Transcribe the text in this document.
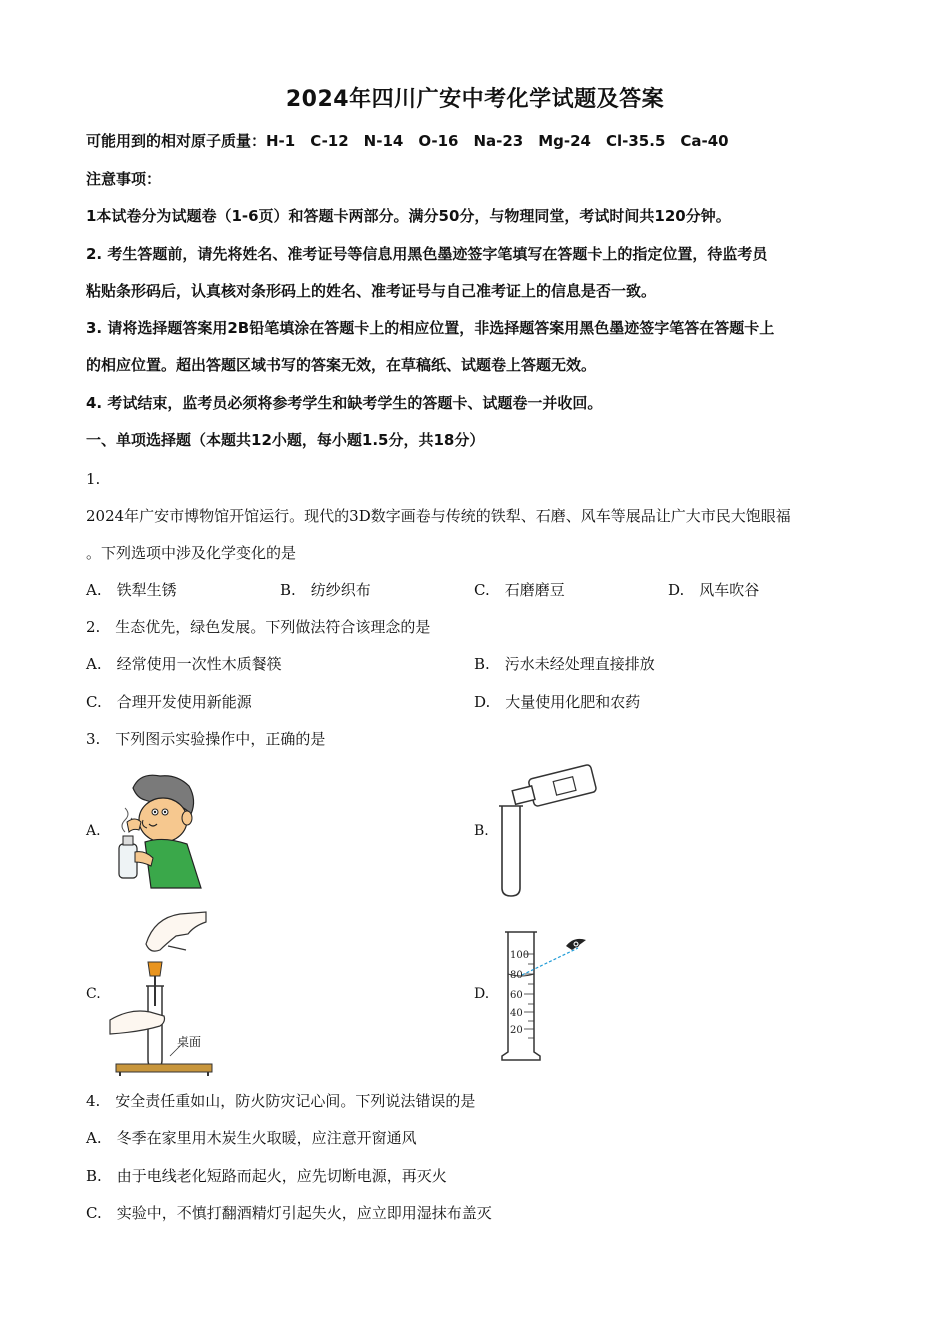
2024年四川广安中考化学试题及答案
可能用到的相对原子质量：H-1　C-12　N-14　O-16　Na-23　Mg-24　Cl-35.5　Ca-40
注意事项：
1本试卷分为试题卷（1-6页）和答题卡两部分。满分50分，与物理同堂，考试时间共120分钟。
2. 考生答题前，请先将姓名、准考证号等信息用黑色墨迹签字笔填写在答题卡上的指定位置，待监考员
粘贴条形码后，认真核对条形码上的姓名、准考证号与自己准考证上的信息是否一致。
3. 请将选择题答案用2B铅笔填涂在答题卡上的相应位置，非选择题答案用黑色墨迹签字笔答在答题卡上
的相应位置。超出答题区域书写的答案无效，在草稿纸、试题卷上答题无效。
4. 考试结束，监考员必须将参考学生和缺考学生的答题卡、试题卷一并收回。
一、单项选择题（本题共12小题，每小题1.5分，共18分）
1.
2024年广安市博物馆开馆运行。现代的3D数字画卷与传统的铁犁、石磨、风车等展品让广大市民大饱眼福
。下列选项中涉及化学变化的是
A.　铁犁生锈	B.　纺纱织布	C.　石磨磨豆	D.　风车吹谷
2.　生态优先，绿色发展。下列做法符合该理念的是
A.　经常使用一次性木质餐筷	B.　污水未经处理直接排放
C.　合理开发使用新能源	D.　大量使用化肥和农药
3.　下列图示实验操作中，正确的是
A.	B.
C.	D.
桌面
100
80
60
40
20
4.　安全责任重如山，防火防灾记心间。下列说法错误的是
A.　冬季在家里用木炭生火取暖，应注意开窗通风
B.　由于电线老化短路而起火，应先切断电源，再灭火
C.　实验中，不慎打翻酒精灯引起失火，应立即用湿抹布盖灭
